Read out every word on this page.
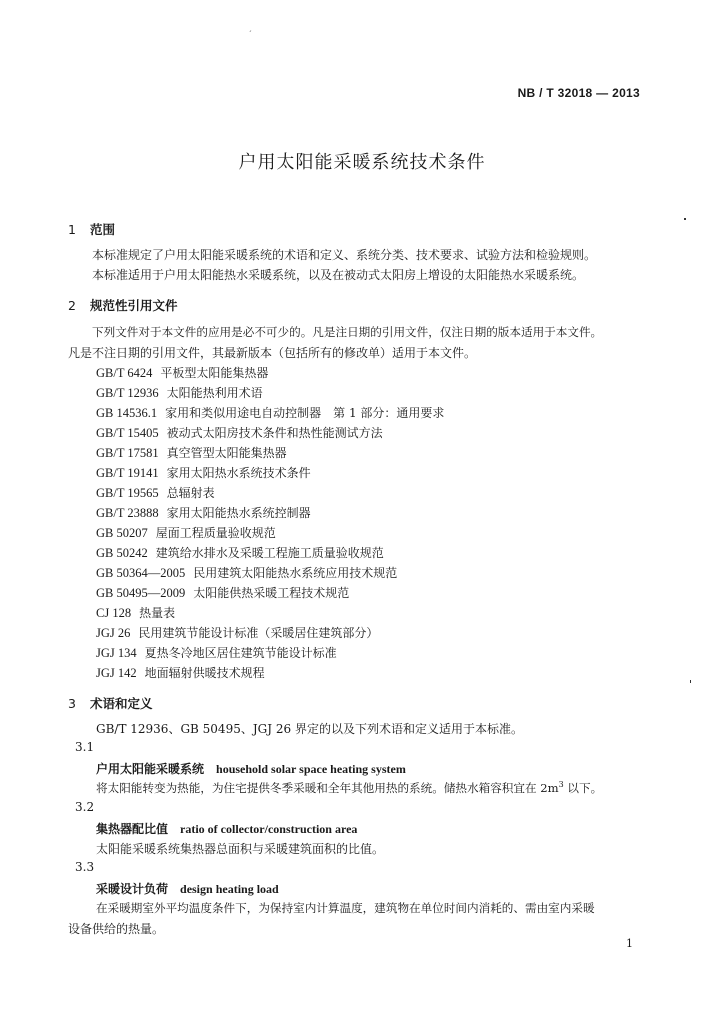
ˊ
NB / T 32018 — 2013
户用太阳能采暖系统技术条件
1 范围
本标准规定了户用太阳能采暖系统的术语和定义、系统分类、技术要求、试验方法和检验规则。
本标准适用于户用太阳能热水采暖系统，以及在被动式太阳房上增设的太阳能热水采暖系统。
2 规范性引用文件
下列文件对于本文件的应用是必不可少的。凡是注日期的引用文件，仅注日期的版本适用于本文件。
凡是不注日期的引用文件，其最新版本（包括所有的修改单）适用于本文件。
GB/T 6424 平板型太阳能集热器
GB/T 12936 太阳能热利用术语
GB 14536.1 家用和类似用途电自动控制器　第 1 部分：通用要求
GB/T 15405 被动式太阳房技术条件和热性能测试方法
GB/T 17581 真空管型太阳能集热器
GB/T 19141 家用太阳热水系统技术条件
GB/T 19565 总辐射表
GB/T 23888 家用太阳能热水系统控制器
GB 50207 屋面工程质量验收规范
GB 50242 建筑给水排水及采暖工程施工质量验收规范
GB 50364—2005 民用建筑太阳能热水系统应用技术规范
GB 50495—2009 太阳能供热采暖工程技术规范
CJ 128 热量表
JGJ 26 民用建筑节能设计标准（采暖居住建筑部分）
JGJ 134 夏热冬冷地区居住建筑节能设计标准
JGJ 142 地面辐射供暖技术规程
3 术语和定义
GB/T 12936、GB 50495、JGJ 26 界定的以及下列术语和定义适用于本标准。
3.1
户用太阳能采暖系统 household solar space heating system
将太阳能转变为热能，为住宅提供冬季采暖和全年其他用热的系统。储热水箱容积宜在 $2m^3$ 以下。
3.2
集热器配比值 ratio of collector/construction area
太阳能采暖系统集热器总面积与采暖建筑面积的比值。
3.3
采暖设计负荷 design heating load
在采暖期室外平均温度条件下，为保持室内计算温度，建筑物在单位时间内消耗的、需由室内采暖
设备供给的热量。
1
